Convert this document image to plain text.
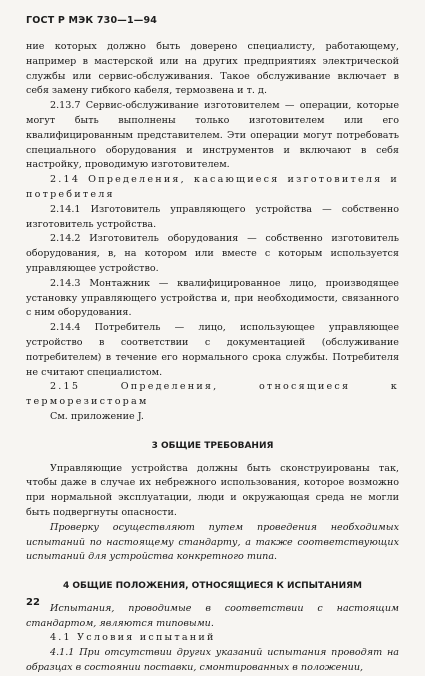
ГОСТ Р МЭК 730—1—94

ние которых должно быть доверено специалисту, работающему, например в мастерской или на других предприятиях электрической службы или сервис-обслуживания. Такое обслуживание включает в себя замену гибкого кабеля, термозвена и т. д.

2.13.7 Сервис-обслуживание изготовителем — операции, которые могут быть выполнены только изготовителем или его квалифицированным представителем. Эти операции могут потребовать специального оборудования и инструментов и включают в себя настройку, проводимую изготовителем.

2.14 Определения, касающиеся изготовителя и потребителя

2.14.1 Изготовитель управляющего устройства — собственно изготовитель устройства.

2.14.2 Изготовитель оборудования — собственно изготовитель оборудования, в, на котором или вместе с которым используется управляющее устройство.

2.14.3 Монтажник — квалифицированное лицо, производящее установку управляющего устройства и, при необходимости, связанного с ним оборудования.

2.14.4 Потребитель — лицо, использующее управляющее устройство в соответствии с документацией (обслуживание потребителем) в течение его нормального срока службы. Потребителя не считают специалистом.

2.15 Определения, относящиеся к терморезисторам

См. приложение J.

3 ОБЩИЕ ТРЕБОВАНИЯ

Управляющие устройства должны быть сконструированы так, чтобы даже в случае их небрежного использования, которое возможно при нормальной эксплуатации, люди и окружающая среда не могли быть подвергнуты опасности.

Проверку осуществляют путем проведения необходимых испытаний по настоящему стандарту, а также соответствующих испытаний для устройства конкретного типа.

4 ОБЩИЕ ПОЛОЖЕНИЯ, ОТНОСЯЩИЕСЯ К ИСПЫТАНИЯМ

Испытания, проводимые в соответствии с настоящим стандартом, являются типовыми.

4.1 Условия испытаний

4.1.1 При отсутствии других указаний испытания проводят на образцах в состоянии поставки, смонтированных в положении,

22
